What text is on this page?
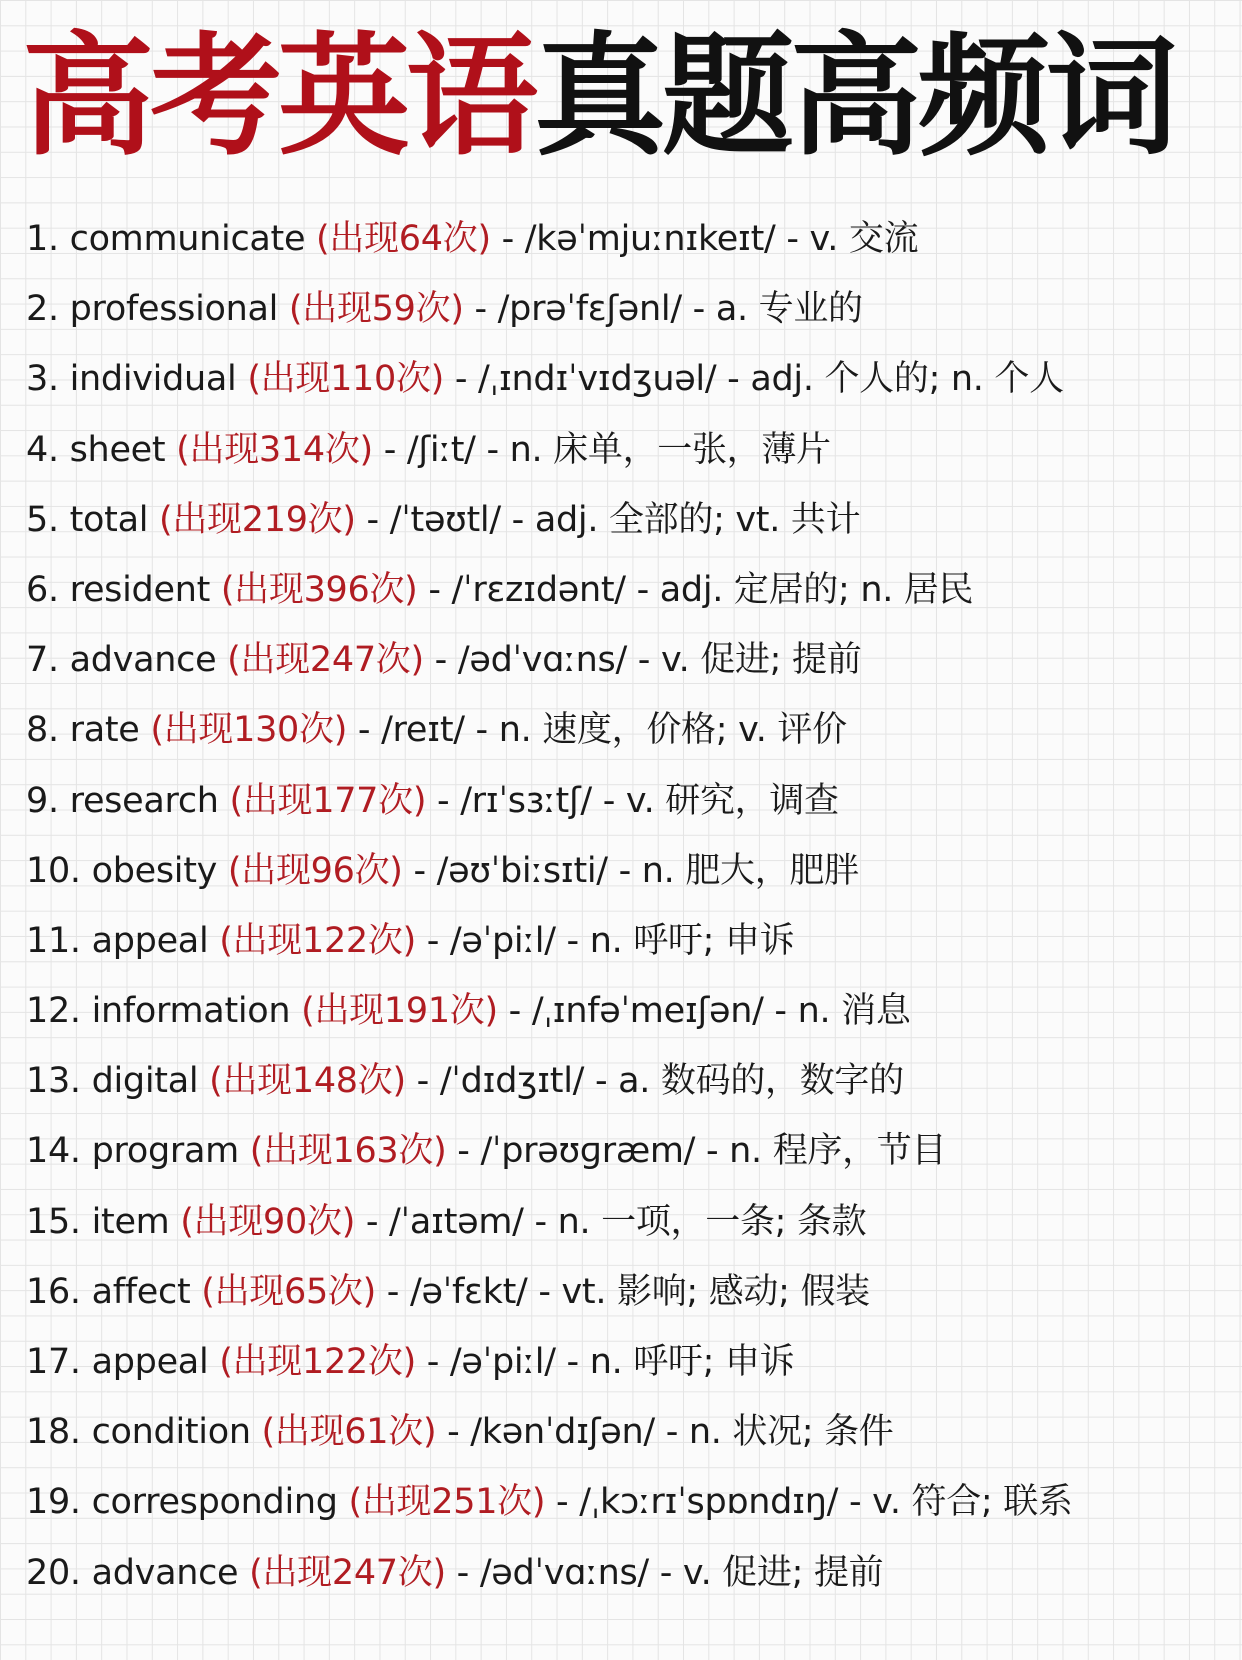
高考英语真题高频词
1. communicate (出现64次) - /kəˈmjuːnɪkeɪt/ - v. 交流
2. professional (出现59次) - /prəˈfɛʃənl/ - a. 专业的
3. individual (出现110次) - /ˌɪndɪˈvɪdʒuəl/ - adj. 个人的; n. 个人
4. sheet (出现314次) - /ʃiːt/ - n. 床单，一张，薄片
5. total (出现219次) - /ˈtəʊtl/ - adj. 全部的; vt. 共计
6. resident (出现396次) - /ˈrɛzɪdənt/ - adj. 定居的; n. 居民
7. advance (出现247次) - /ədˈvɑːns/ - v. 促进; 提前
8. rate (出现130次) - /reɪt/ - n. 速度，价格; v. 评价
9. research (出现177次) - /rɪˈsɜːtʃ/ - v. 研究，调查
10. obesity (出现96次) - /əʊˈbiːsɪti/ - n. 肥大，肥胖
11. appeal (出现122次) - /əˈpiːl/ - n. 呼吁; 申诉
12. information (出现191次) - /ˌɪnfəˈmeɪʃən/ - n. 消息
13. digital (出现148次) - /ˈdɪdʒɪtl/ - a. 数码的，数字的
14. program (出现163次) - /ˈprəʊɡræm/ - n. 程序，节目
15. item (出现90次) - /ˈaɪtəm/ - n. 一项，一条; 条款
16. affect (出现65次) - /əˈfɛkt/ - vt. 影响; 感动; 假装
17. appeal (出现122次) - /əˈpiːl/ - n. 呼吁; 申诉
18. condition (出现61次) - /kənˈdɪʃən/ - n. 状况; 条件
19. corresponding (出现251次) - /ˌkɔːrɪˈspɒndɪŋ/ - v. 符合; 联系
20. advance (出现247次) - /ədˈvɑːns/ - v. 促进; 提前
